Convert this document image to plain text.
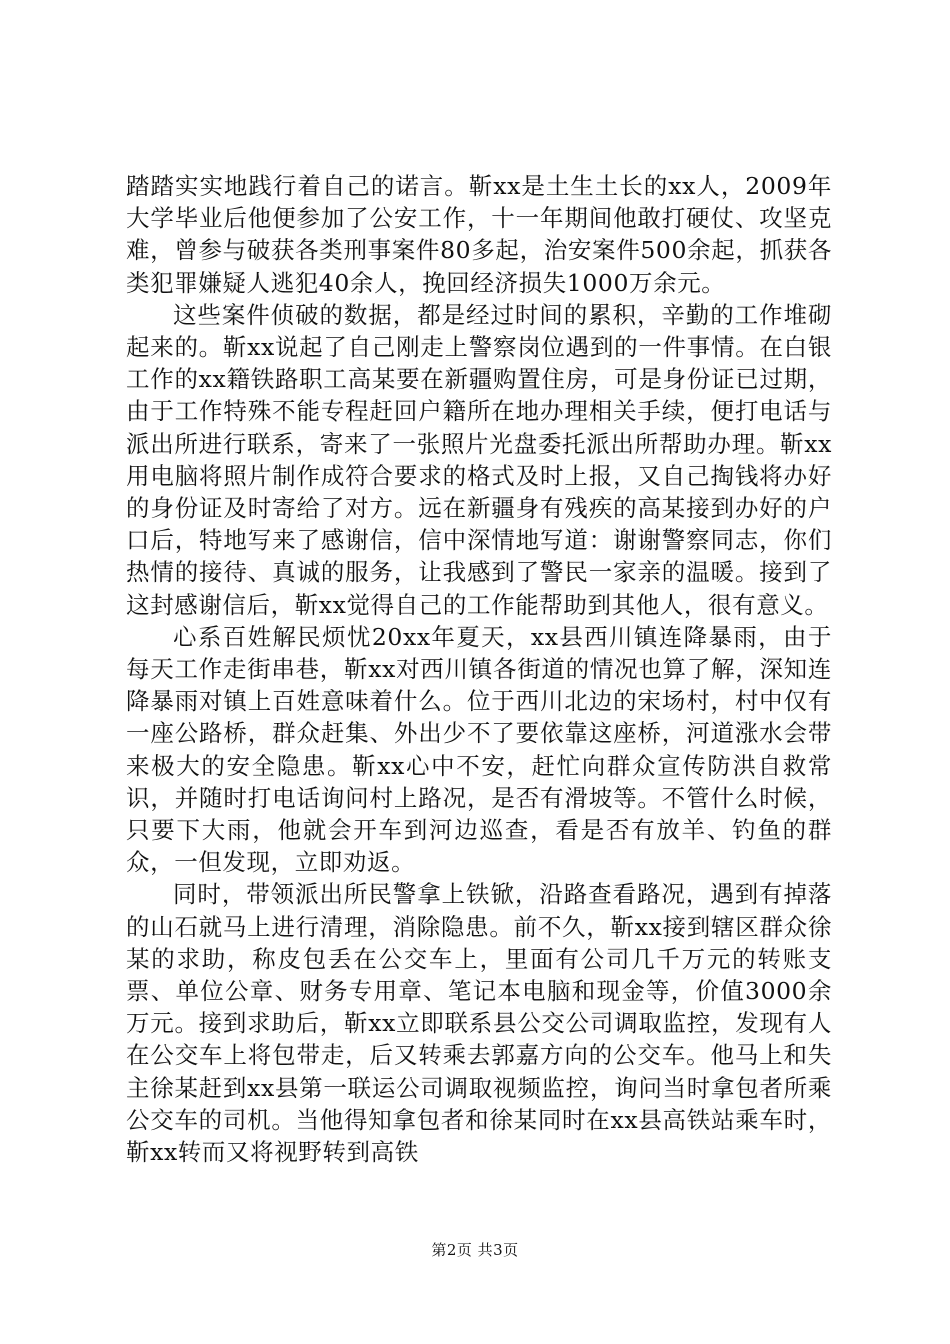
踏踏实实地践行着自己的诺言。靳xx是土生土长的xx人，2009年大学毕业后他便参加了公安工作，十一年期间他敢打硬仗、攻坚克难，曾参与破获各类刑事案件80多起，治安案件500余起，抓获各类犯罪嫌疑人逃犯40余人，挽回经济损失1000万余元。

这些案件侦破的数据，都是经过时间的累积，辛勤的工作堆砌起来的。靳xx说起了自己刚走上警察岗位遇到的一件事情。在白银工作的xx籍铁路职工高某要在新疆购置住房，可是身份证已过期，由于工作特殊不能专程赶回户籍所在地办理相关手续，便打电话与派出所进行联系，寄来了一张照片光盘委托派出所帮助办理。靳xx用电脑将照片制作成符合要求的格式及时上报，又自己掏钱将办好的身份证及时寄给了对方。远在新疆身有残疾的高某接到办好的户口后，特地写来了感谢信，信中深情地写道：谢谢警察同志，你们热情的接待、真诚的服务，让我感到了警民一家亲的温暖。接到了这封感谢信后，靳xx觉得自己的工作能帮助到其他人，很有意义。

心系百姓解民烦忧20xx年夏天，xx县西川镇连降暴雨，由于每天工作走街串巷，靳xx对西川镇各街道的情况也算了解，深知连降暴雨对镇上百姓意味着什么。位于西川北边的宋场村，村中仅有一座公路桥，群众赶集、外出少不了要依靠这座桥，河道涨水会带来极大的安全隐患。靳xx心中不安，赶忙向群众宣传防洪自救常识，并随时打电话询问村上路况，是否有滑坡等。不管什么时候，只要下大雨，他就会开车到河边巡查，看是否有放羊、钓鱼的群众，一但发现，立即劝返。

同时，带领派出所民警拿上铁锨，沿路查看路况，遇到有掉落的山石就马上进行清理，消除隐患。前不久，靳xx接到辖区群众徐某的求助，称皮包丢在公交车上，里面有公司几千万元的转账支票、单位公章、财务专用章、笔记本电脑和现金等，价值3000余万元。接到求助后，靳xx立即联系县公交公司调取监控，发现有人在公交车上将包带走，后又转乘去郭嘉方向的公交车。他马上和失主徐某赶到xx县第一联运公司调取视频监控，询问当时拿包者所乘公交车的司机。当他得知拿包者和徐某同时在xx县高铁站乘车时，靳xx转而又将视野转到高铁

第2页 共3页
